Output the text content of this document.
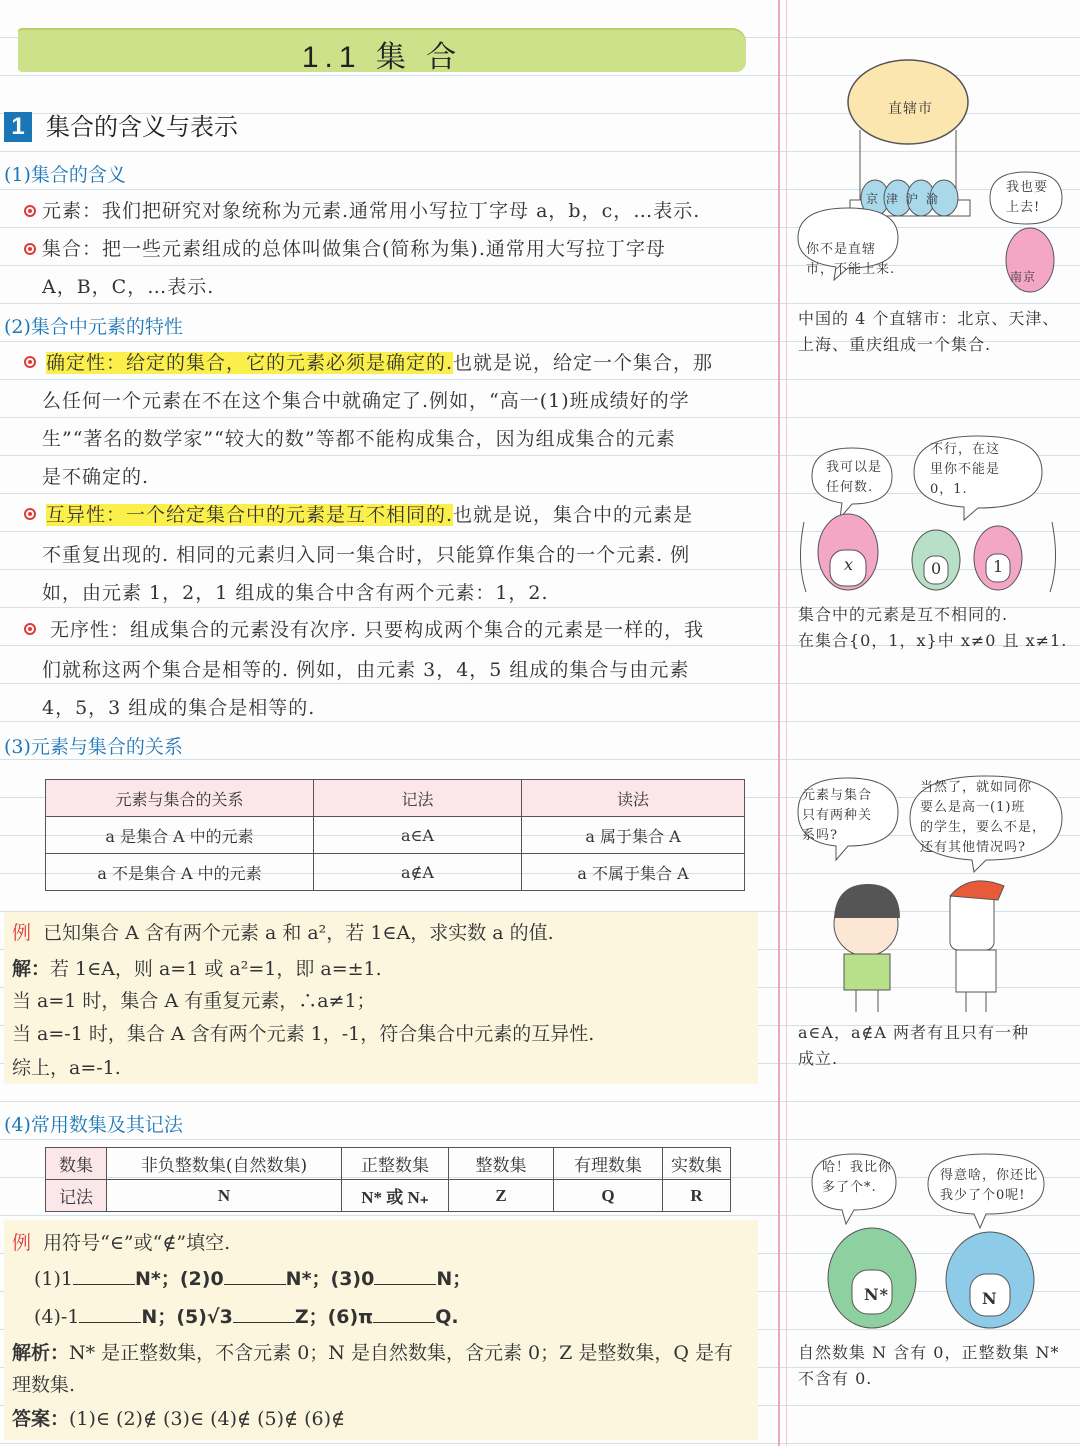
1.1 集 合
1 集合的含义与表示
(1)集合的含义
元素：我们把研究对象统称为元素.通常用小写拉丁字母 a，b，c，…表示.
集合：把一些元素组成的总体叫做集合(简称为集).通常用大写拉丁字母
A，B，C，…表示.
(2)集合中元素的特性
确定性：给定的集合，它的元素必须是确定的.也就是说，给定一个集合，那
么任何一个元素在不在这个集合中就确定了.例如，“高一(1)班成绩好的学
生”“著名的数学家”“较大的数”等都不能构成集合，因为组成集合的元素
是不确定的.
互异性：一个给定集合中的元素是互不相同的.也就是说，集合中的元素是
不重复出现的. 相同的元素归入同一集合时，只能算作集合的一个元素. 例
如，由元素 1，2，1 组成的集合中含有两个元素：1，2.
无序性：组成集合的元素没有次序. 只要构成两个集合的元素是一样的，我
们就称这两个集合是相等的. 例如，由元素 3，4，5 组成的集合与由元素
4，5，3 组成的集合是相等的.
(3)元素与集合的关系
元素与集合的关系	记法	读法
a 是集合 A 中的元素	a∈A	a 属于集合 A
a 不是集合 A 中的元素	a∉A	a 不属于集合 A
例 已知集合 A 含有两个元素 a 和 a²，若 1∈A，求实数 a 的值.
解：若 1∈A，则 a=1 或 a²=1，即 a=±1.
当 a=1 时，集合 A 有重复元素，∴a≠1；
当 a=-1 时，集合 A 含有两个元素 1，-1，符合集合中元素的互异性.
综上，a=-1.
(4)常用数集及其记法
数集	非负整数集(自然数集)	正整数集	整数集	有理数集	实数集
记法	N	N* 或 N₊	Z	Q	R
例 用符号“∈”或“∉”填空.
(1)1	N*；(2)0	N*；(3)0	N；
(4)-1	N；(5)√3	Z；(6)π	Q.
解析：N* 是正整数集，不含元素 0；N 是自然数集，含元素 0；Z 是整数集，Q 是有
理数集.
答案：(1)∈ (2)∉ (3)∈ (4)∉ (5)∉ (6)∉
直辖市
京津沪渝
你不是直辖
市，不能上来.
我也要
上去!
南京
中国的 4 个直辖市：北京、天津、
上海、重庆组成一个集合.
我可以是
任何数.
不行，在这
里你不能是
0，1.
x	0	1
集合中的元素是互不相同的.
在集合{0，1，x}中 x≠0 且 x≠1.
元素与集合
只有两种关
系吗?
当然了，就如同你
要么是高一(1)班
的学生，要么不是，
还有其他情况吗?
a∈A，a∉A 两者有且只有一种
成立.
哈！我比你
多了个*.
得意啥，你还比
我少了个0呢!
N*	N
自然数集 N 含有 0，正整数集 N*
不含有 0.
